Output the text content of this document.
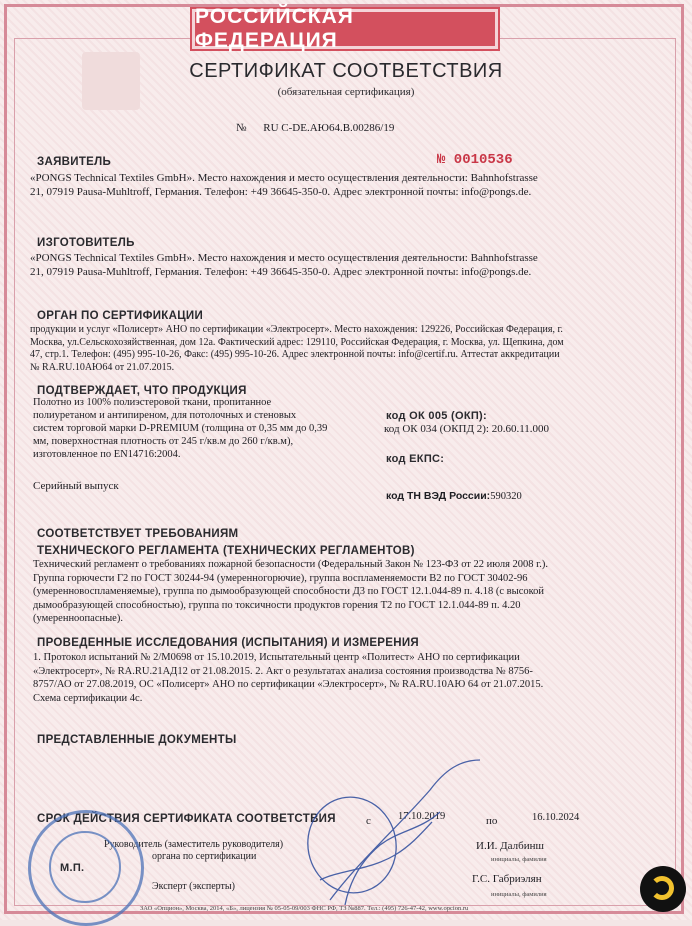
РОССИЙСКАЯ ФЕДЕРАЦИЯ
СЕРТИФИКАТ СООТВЕТСТВИЯ
(обязательная сертификация)
№ RU C-DE.АЮ64.В.00286/19
ЗАЯВИТЕЛЬ	№ 0010536
«PONGS Technical Textiles GmbH». Место нахождения и место осуществления деятельности: Bahnhofstrasse
21, 07919 Pausa-Muhltroff, Германия. Телефон: +49 36645-350-0. Адрес электронной почты: info@pongs.de.
ИЗГОТОВИТЕЛЬ
«PONGS Technical Textiles GmbH». Место нахождения и место осуществления деятельности: Bahnhofstrasse
21, 07919 Pausa-Muhltroff, Германия. Телефон: +49 36645-350-0. Адрес электронной почты: info@pongs.de.
ОРГАН ПО СЕРТИФИКАЦИИ
продукции и услуг «Полисерт» АНО по сертификации «Электросерт». Место нахождения: 129226, Российская Федерация, г.
Москва, ул.Сельскохозяйственная, дом 12а. Фактический адрес: 129110, Российская Федерация, г. Москва, ул. Щепкина, дом
47, стр.1. Телефон: (495) 995-10-26, Факс: (495) 995-10-26. Адрес электронной почты: info@certif.ru. Аттестат аккредитации
№ RA.RU.10АЮ64 от 21.07.2015.
ПОДТВЕРЖДАЕТ, ЧТО ПРОДУКЦИЯ
Полотно из 100% полиэстеровой ткани, пропитанное
полиуретаном и антипиреном, для потолочных и стеновых
систем торговой марки D-PREMIUM (толщина от 0,35 мм до 0,39
мм, поверхностная плотность от 245 г/кв.м до 260 г/кв.м),
изготовленное по EN14716:2004.
Серийный выпуск
код ОК 005 (ОКП):
код ОК 034 (ОКПД 2): 20.60.11.000
код ЕКПС:
код ТН ВЭД России:590320
СООТВЕТСТВУЕТ ТРЕБОВАНИЯМ
ТЕХНИЧЕСКОГО РЕГЛАМЕНТА (ТЕХНИЧЕСКИХ РЕГЛАМЕНТОВ)
Технический регламент о требованиях пожарной безопасности (Федеральный Закон № 123-ФЗ от 22 июля 2008 г.).
Группа горючести Г2 по ГОСТ 30244-94 (умеренногорючие), группа воспламеняемости В2 по ГОСТ 30402-96
(умеренновоспламеняемые), группа по дымообразующей способности Д3 по ГОСТ 12.1.044-89 п. 4.18 (с высокой
дымообразующей способностью), группа по токсичности продуктов горения Т2 по ГОСТ 12.1.044-89 п. 4.20
(умеренноопасные).
ПРОВЕДЕННЫЕ ИССЛЕДОВАНИЯ (ИСПЫТАНИЯ) И ИЗМЕРЕНИЯ
1. Протокол испытаний № 2/М0698 от 15.10.2019, Испытательный центр «Политест» АНО по сертификации
«Электросерт», № RA.RU.21АД12 от 21.08.2015. 2. Акт о результатах анализа состояния производства № 8756-
8757/АО от 27.08.2019, ОС «Полисерт» АНО по сертификации «Электросерт», № RA.RU.10АЮ 64 от 21.07.2015.
Схема сертификации 4с.
ПРЕДСТАВЛЕННЫЕ ДОКУМЕНТЫ
СРОК ДЕЙСТВИЯ СЕРТИФИКАТА СООТВЕТСТВИЯ	с	17.10.2019	по	16.10.2024
Руководитель (заместитель руководителя)
органа по сертификации
И.И. Далбинш
инициалы, фамилия
М.П.
Эксперт (эксперты)
Г.С. Габриэлян
инициалы, фамилия
ЗАО «Опцион», Москва, 2014, «Б», лицензия № 05-05-09/003 ФНС РФ, ТЗ №887. Тел.: (495) 726-47-42, www.opcion.ru
